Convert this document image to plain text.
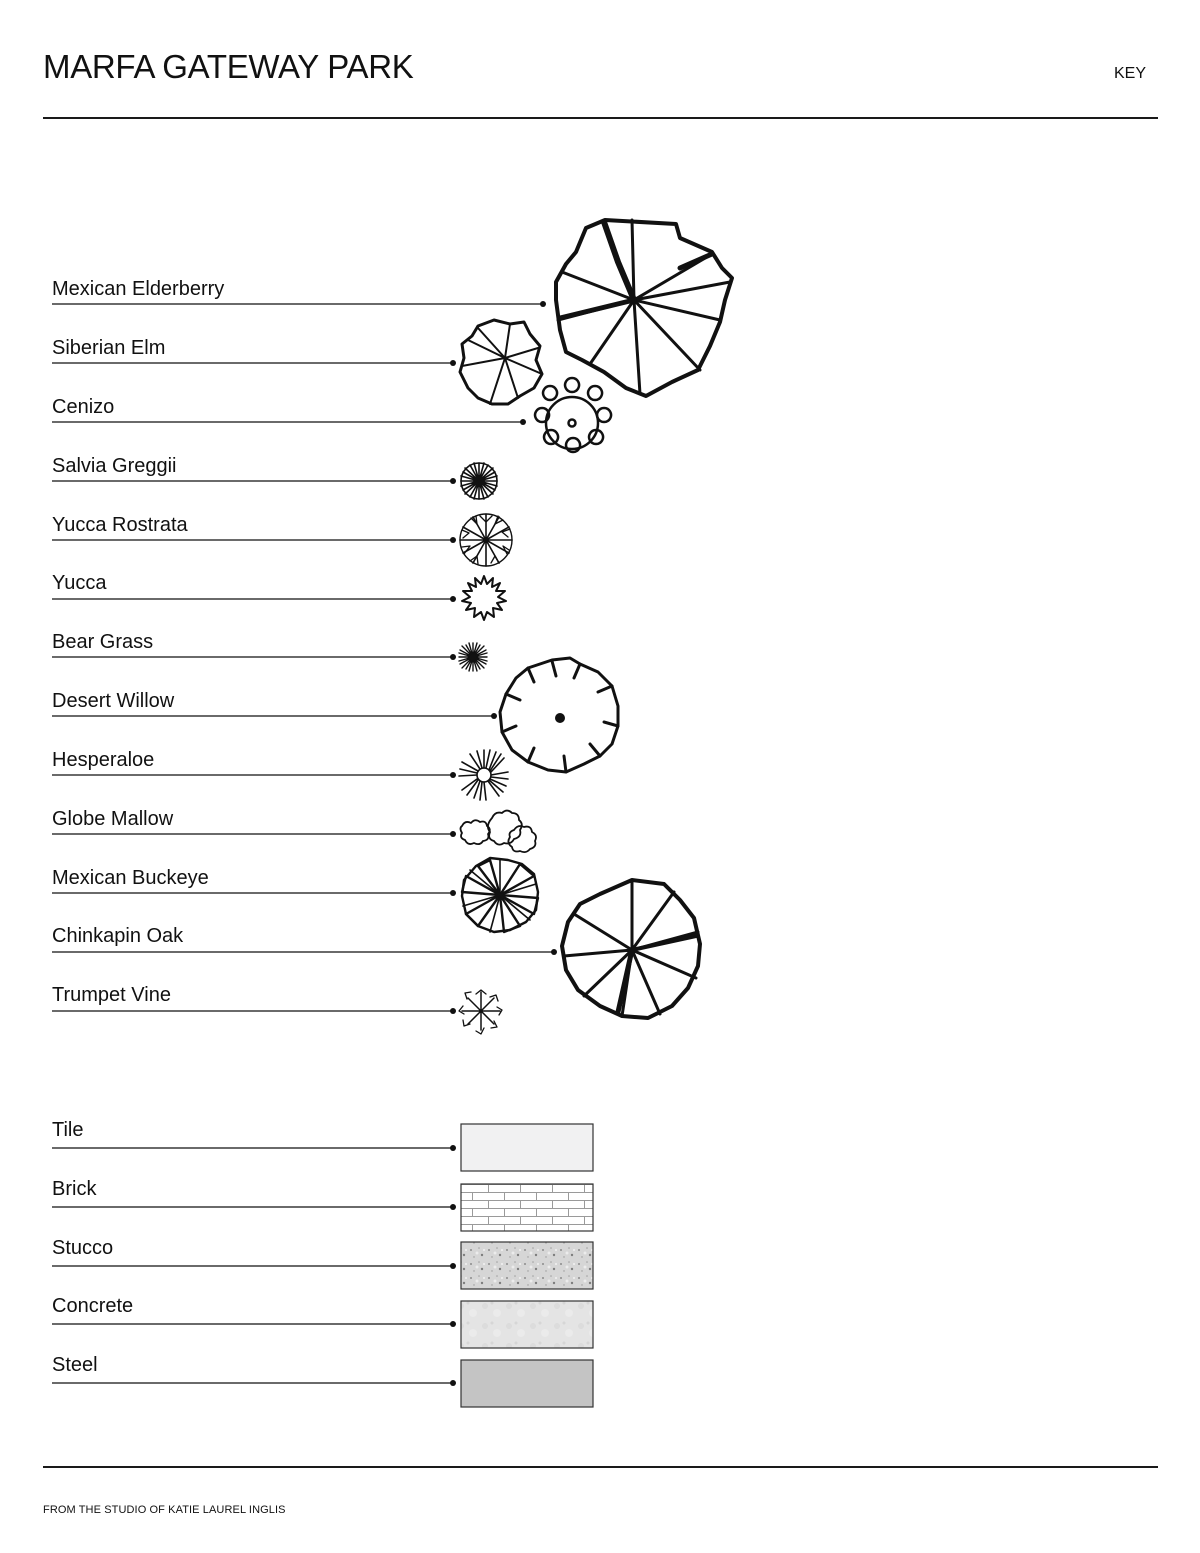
MARFA GATEWAY PARK	KEY
FROM THE STUDIO OF KATIE LAUREL INGLIS
Mexican Elderberry
Siberian Elm
Cenizo
Salvia Greggii
Yucca Rostrata
Yucca
Bear Grass
Desert Willow
Hesperaloe
Globe Mallow
Mexican Buckeye
Chinkapin Oak
Trumpet Vine
Tile
Brick
Stucco
Concrete
Steel
